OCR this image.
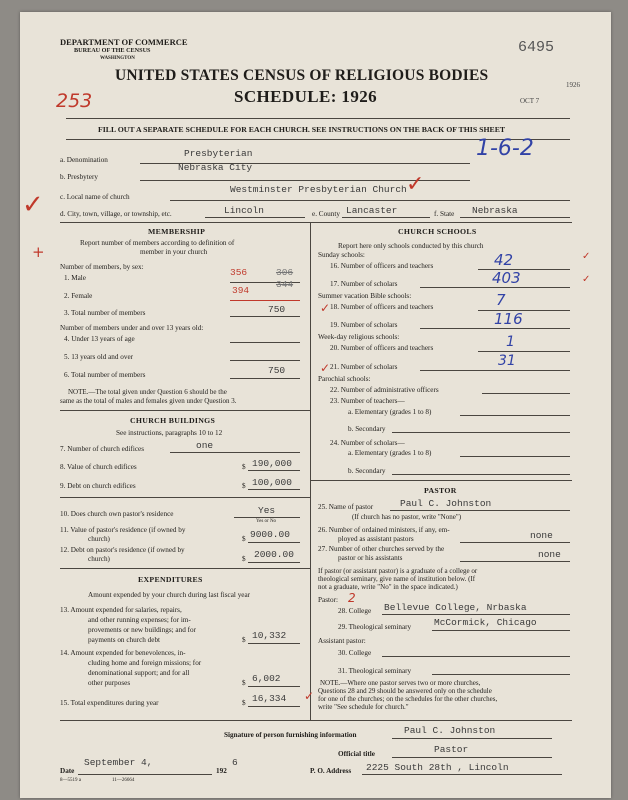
DEPARTMENT OF COMMERCE
BUREAU OF THE CENSUS
WASHINGTON
UNITED STATES CENSUS OF RELIGIOUS BODIES
SCHEDULE: 1926
253
6495
OCT 7
1926
FILL OUT A SEPARATE SCHEDULE FOR EACH CHURCH. SEE INSTRUCTIONS ON THE BACK OF THIS SHEET
1-6-2
a. Denomination
Presbyterian
b. Presbytery
Nebraska City
c. Local name of church
Westminster Presbyterian Church
d. City, town, village, or township, etc.	Lincoln	e. County Lancaster	f. State Nebraska
✓
+
✓
MEMBERSHIP
Report number of members according to definition of
member in your church
Number of members, by sex:
1. Male	356	306
344
2. Female	394
3. Total number of members	750
Number of members under and over 13 years old:
4. Under 13 years of age
5. 13 years old and over
6. Total number of members	750
NOTE.—The total given under Question 6 should be the
same as the total of males and females given under Question 3.
CHURCH BUILDINGS
See instructions, paragraphs 10 to 12
7. Number of church edifices	one
8. Value of church edifices	$ 190,000
9. Debt on church edifices	$ 100,000
10. Does church own pastor's residence	Yes
Yes or No
11. Value of pastor's residence (if owned by
church)	$ 9000.00
12. Debt on pastor's residence (if owned by
church)	$ 2000.00
EXPENDITURES
Amount expended by your church during last fiscal year
13. Amount expended for salaries, repairs,
and other running expenses; for im-
provements or new buildings; and for
payments on church debt	$ 10,332
14. Amount expended for benevolences, in-
cluding home and foreign missions; for
denominational support; and for all
other purposes	$ 6,002
15. Total expenditures during year	$ 16,334
CHURCH SCHOOLS
Report here only schools conducted by this church
Sunday schools:
16. Number of officers and teachers	42
17. Number of scholars	403
Summer vacation Bible schools:
18. Number of officers and teachers	7
19. Number of scholars	116
Week-day religious schools:
20. Number of officers and teachers	1
21. Number of scholars	31
Parochial schools:
22. Number of administrative officers
23. Number of teachers—
a. Elementary (grades 1 to 8)
b. Secondary
24. Number of scholars—
a. Elementary (grades 1 to 8)
b. Secondary
PASTOR
25. Name of pastor	Paul C. Johnston
(If church has no pastor, write "None")
26. Number of ordained ministers, if any, em-
ployed as assistant pastors	none
27. Number of other churches served by the
pastor or his assistants	none
If pastor (or assistant pastor) is a graduate of a college or
theological seminary, give name of institution below. (If
not a graduate, write "No" in the space indicated.)
Pastor: 2
28. College Bellevue College, Nrbaska
29. Theological seminary McCormick, Chicago
Assistant pastor:
30. College
31. Theological seminary
NOTE.—Where one pastor serves two or more churches,
Questions 28 and 29 should be answered only on the schedule
for one of the churches; on the schedules for the other churches,
write "See schedule for church."
Signature of person furnishing information	Paul C. Johnston
Official title	Pastor
Date
September 4,
192
6
P. O. Address 2225 South 28th , Lincoln
8—5519 a	11—26664
✓
✓
✓
✓
✓
